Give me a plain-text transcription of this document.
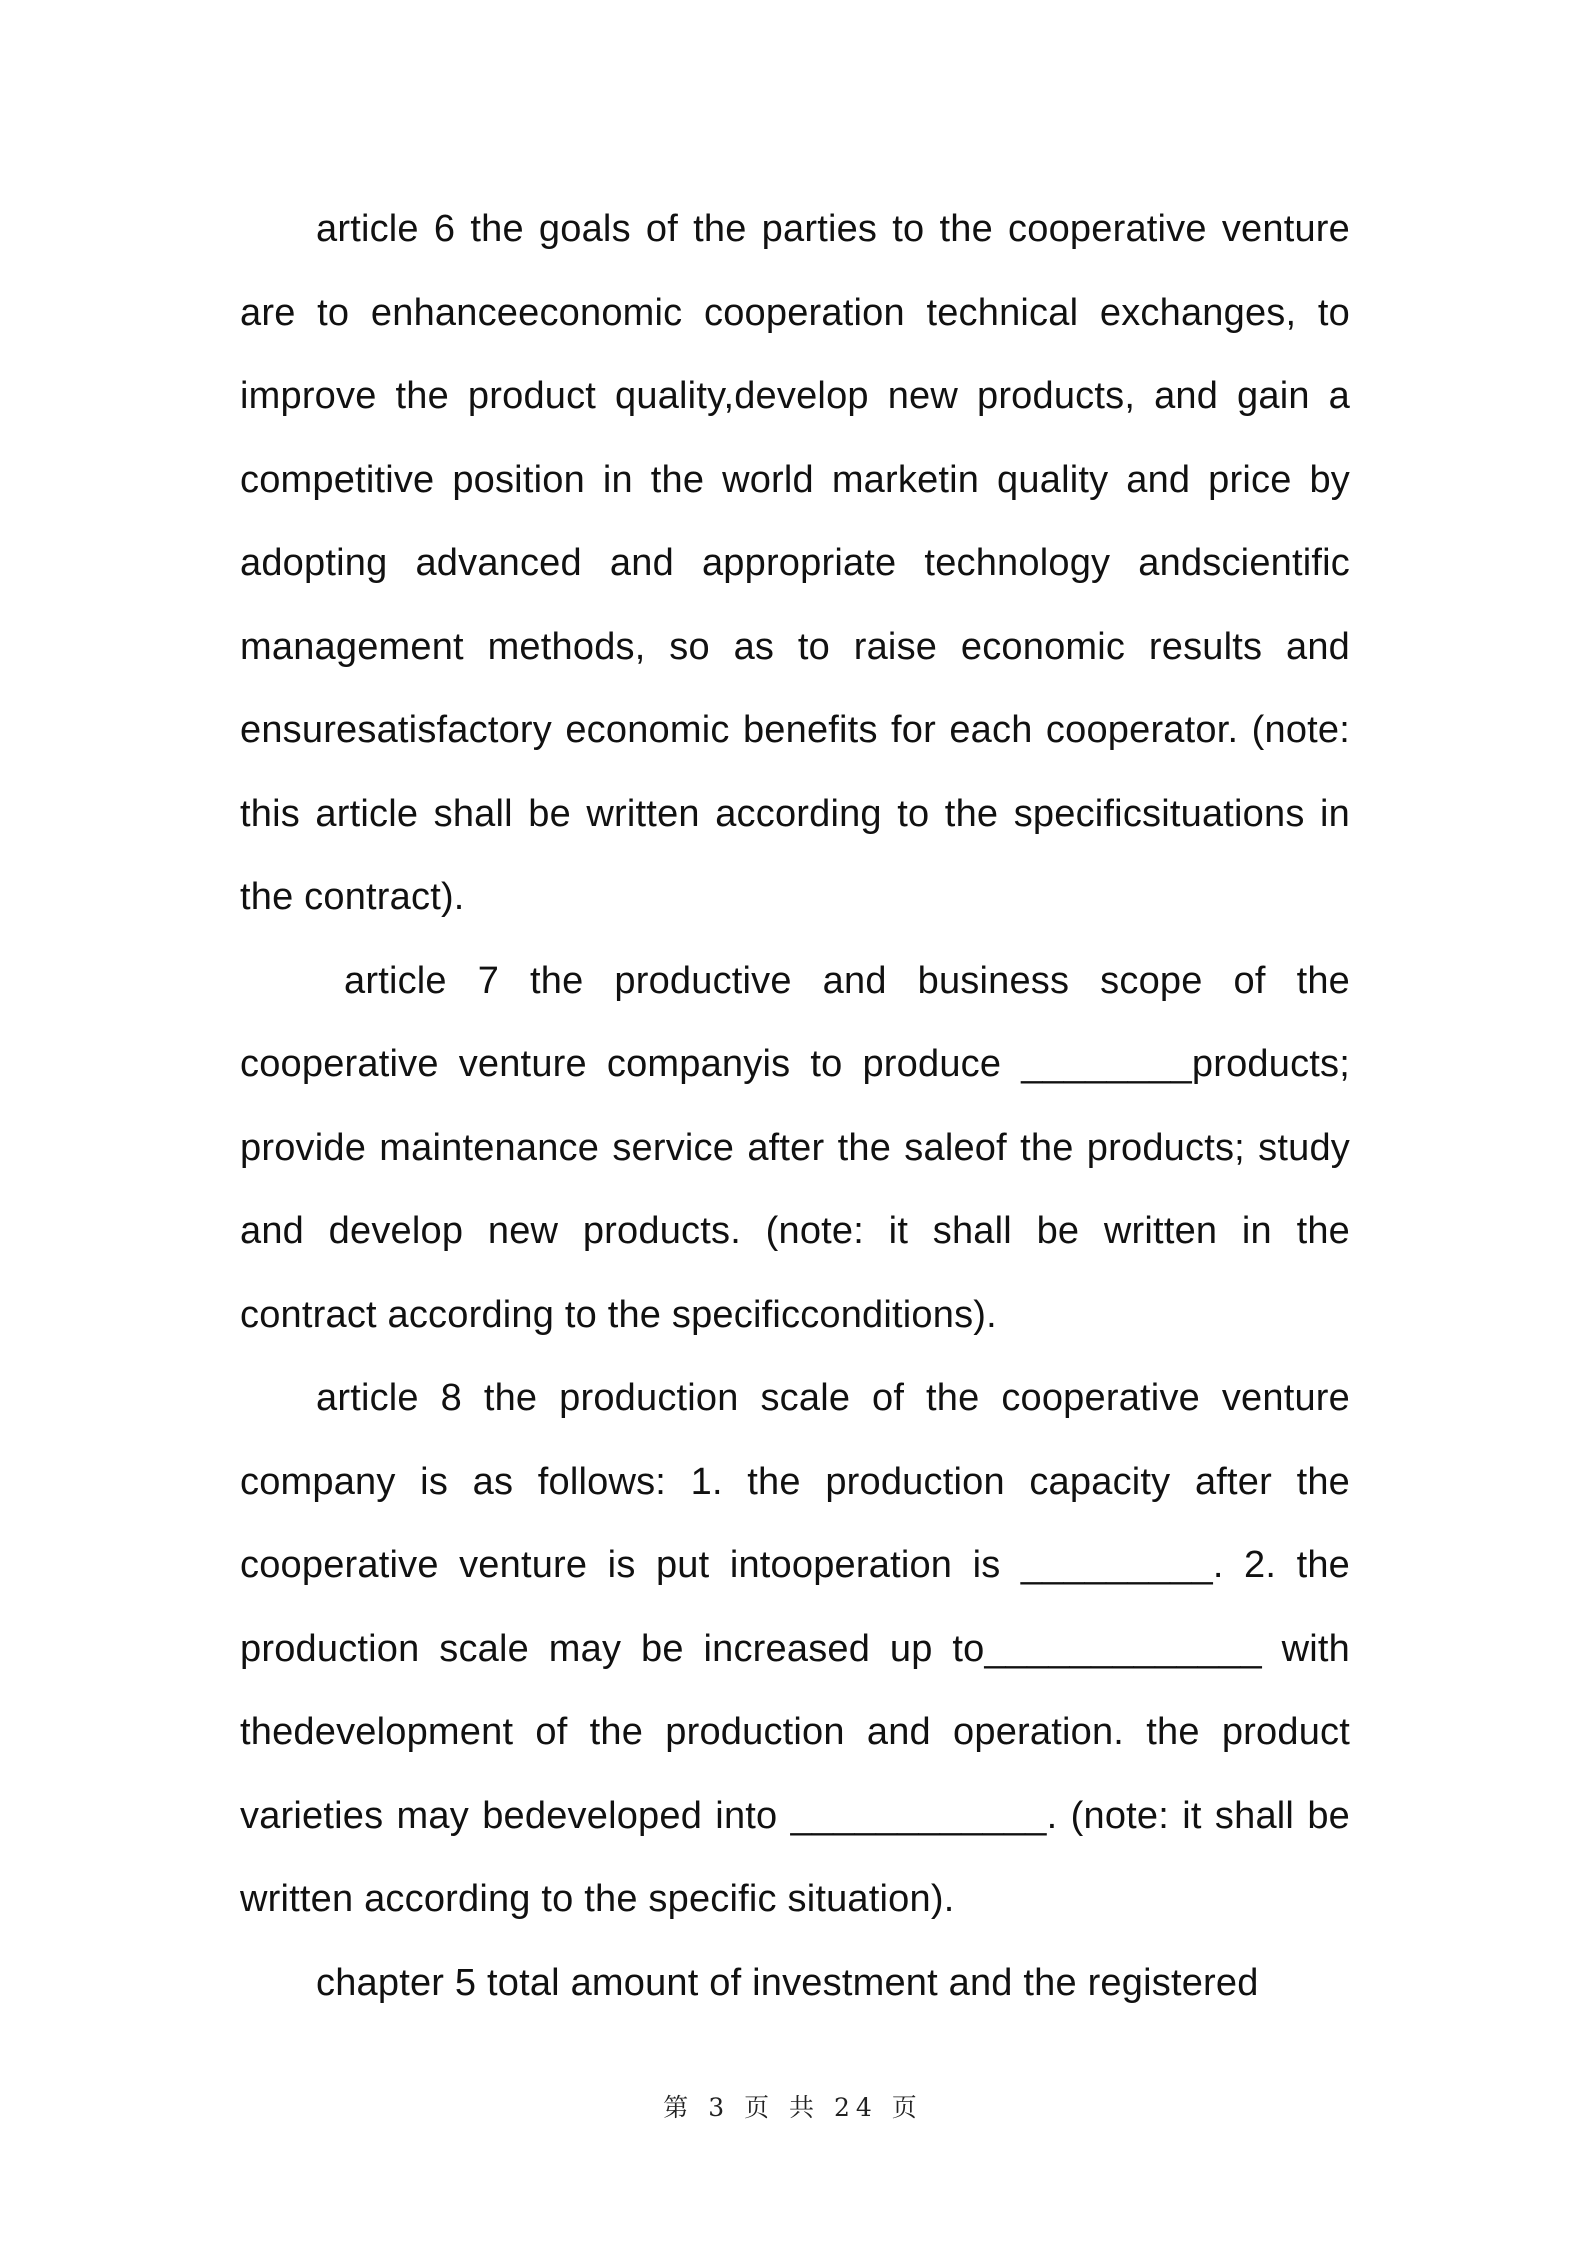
article 6 the goals of the parties to the cooperative venture are to enhanceeconomic cooperation technical exchanges, to improve the product quality,develop new products, and gain a competitive position in the world marketin quality and price by adopting advanced and appropriate technology andscientific management methods, so as to raise economic results and ensuresatisfactory economic benefits for each cooperator. (note: this article shall be written according to the specificsituations in the contract).

article 7 the productive and business scope of the cooperative venture companyis to produce ________products; provide maintenance service after the saleof the products; study and develop new products. (note: it shall be written in the contract according to the specificconditions).

article 8 the production scale of the cooperative venture company is as follows: 1. the production capacity after the cooperative venture is put intooperation is _________. 2. the production scale may be increased up to_____________ with thedevelopment of the production and operation. the product varieties may bedeveloped into ____________. (note: it shall be written according to the specific situation).

chapter 5 total amount of investment and the registered

第 3 页 共 24 页
